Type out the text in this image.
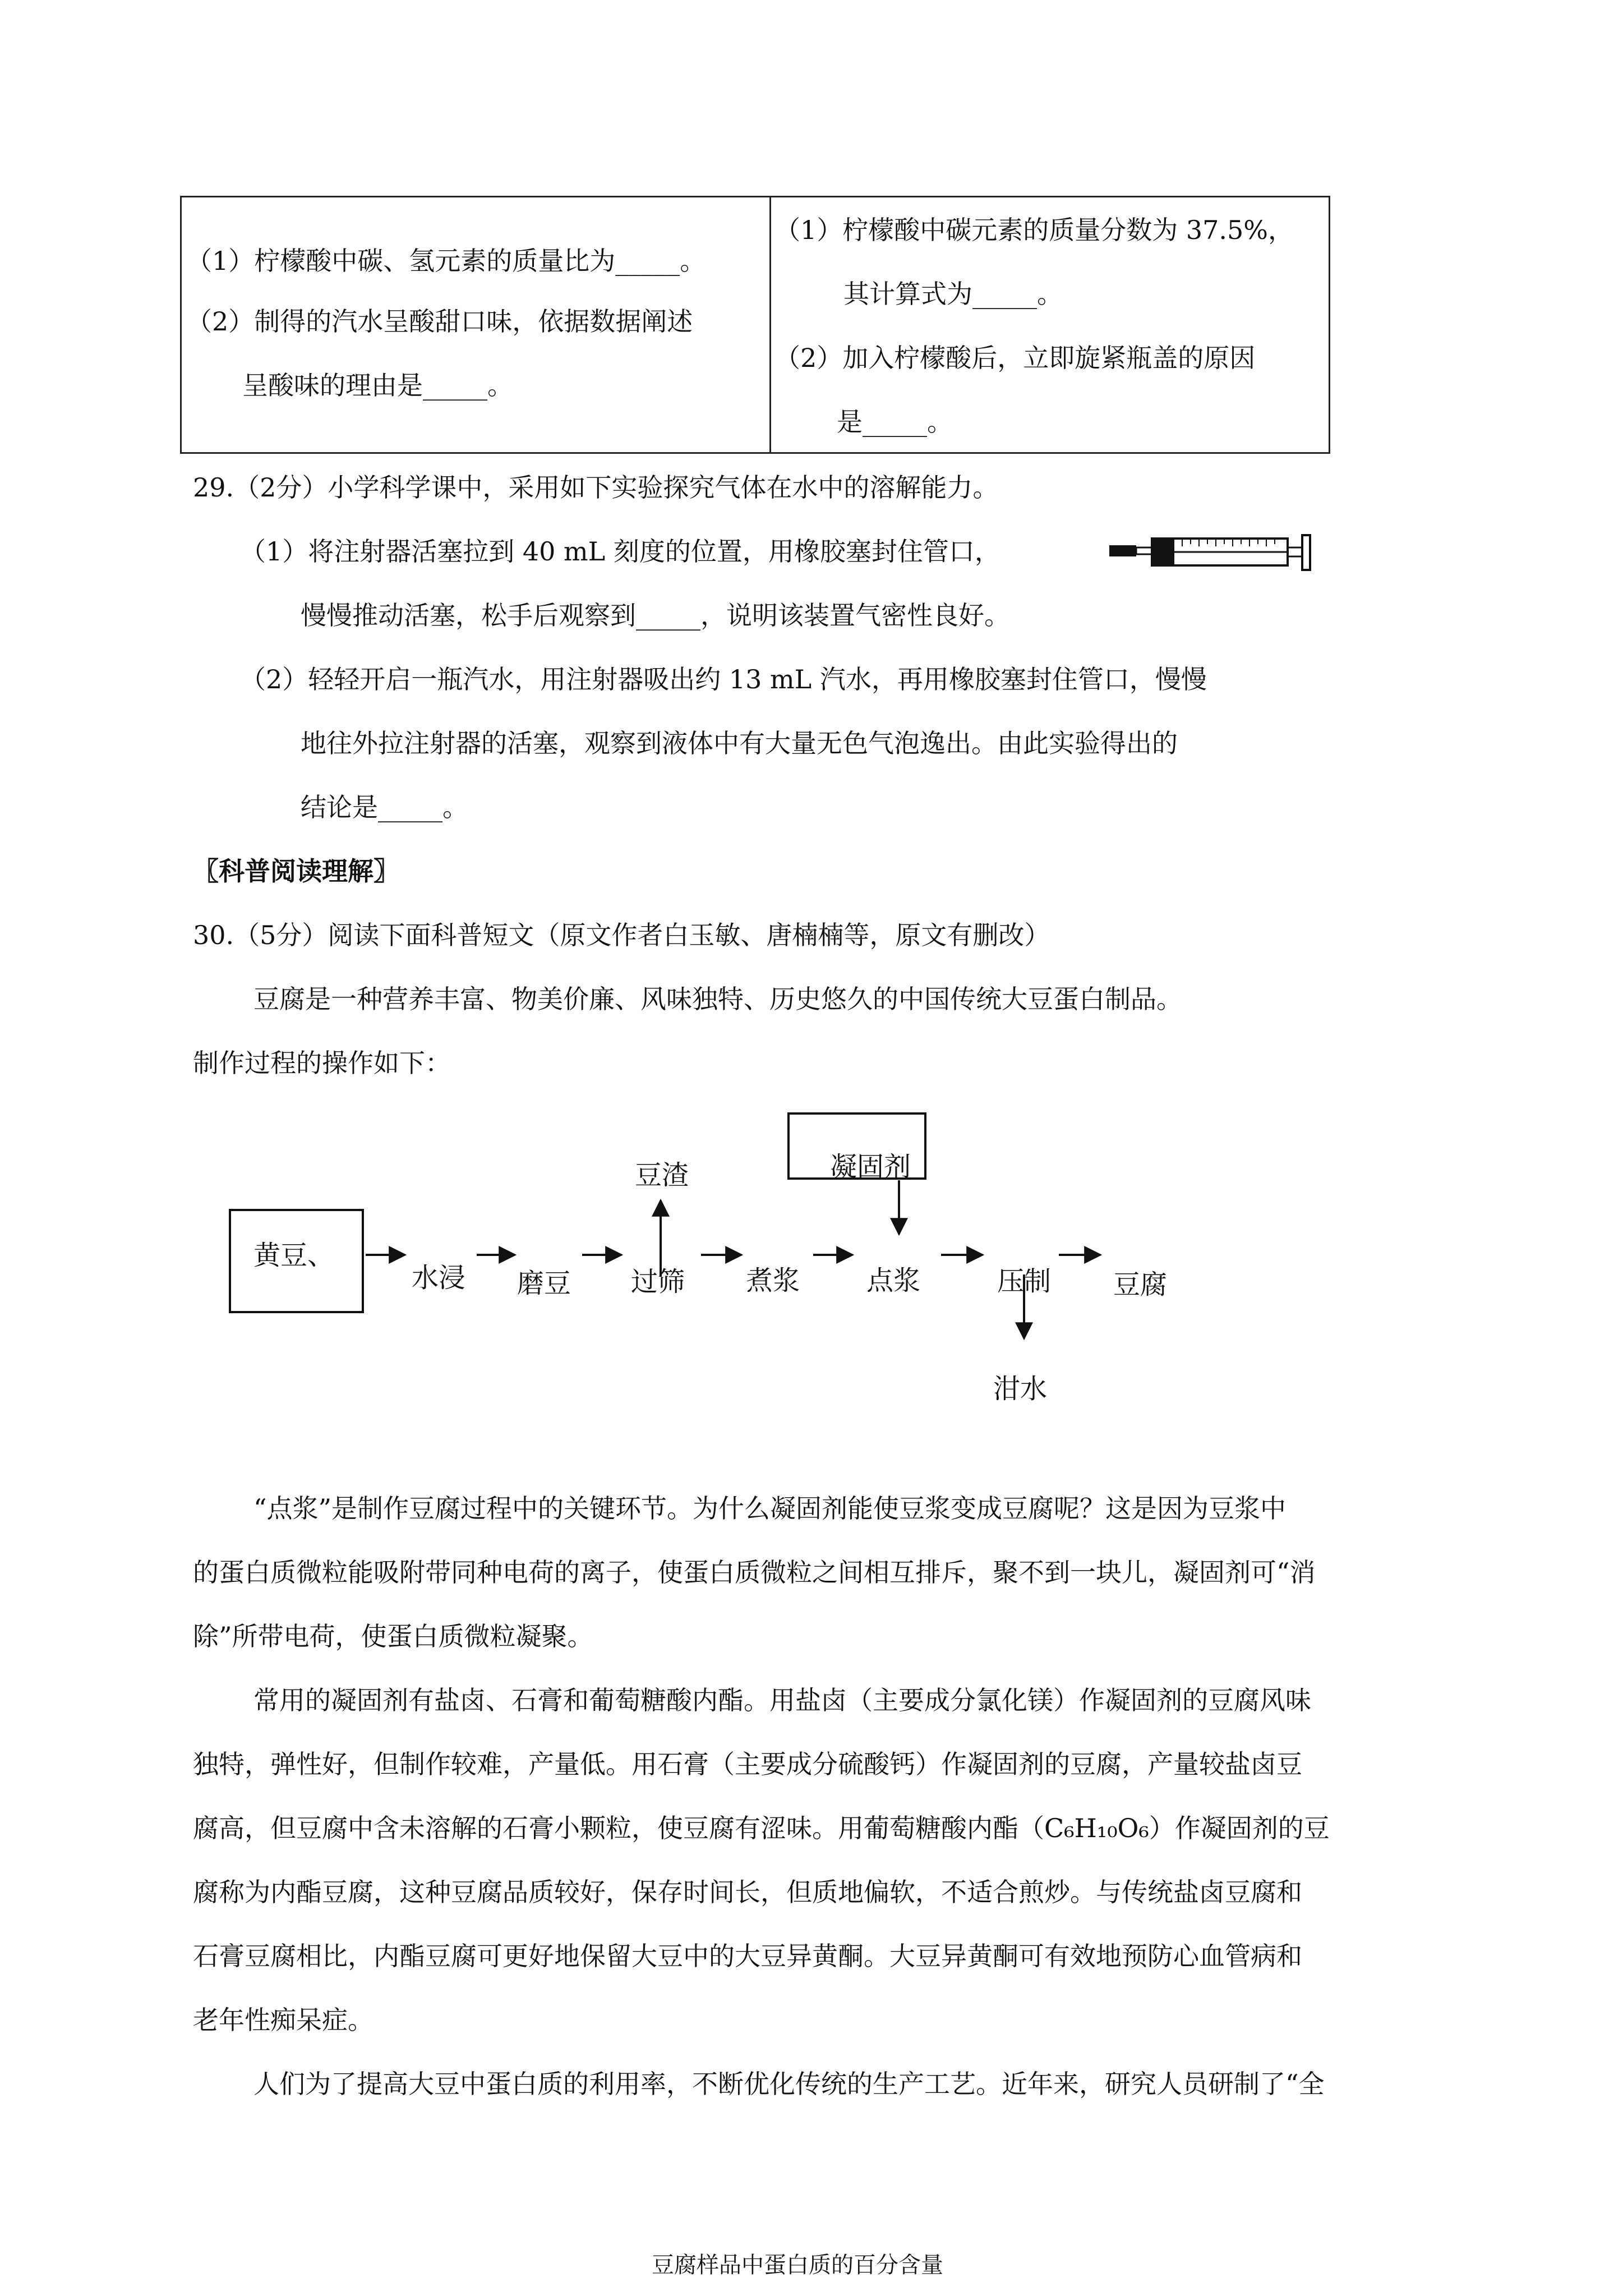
（1）柠檬酸中碳、氢元素的质量比为_____。
（2）制得的汽水呈酸甜口味，依据数据阐述
呈酸味的理由是_____。
（1）柠檬酸中碳元素的质量分数为 37.5%，
其计算式为_____。
（2）加入柠檬酸后，立即旋紧瓶盖的原因
是_____。
29.（2分）小学科学课中，采用如下实验探究气体在水中的溶解能力。
（1）将注射器活塞拉到 40 mL 刻度的位置，用橡胶塞封住管口，
慢慢推动活塞，松手后观察到_____，说明该装置气密性良好。
（2）轻轻开启一瓶汽水，用注射器吸出约 13 mL 汽水，再用橡胶塞封住管口，慢慢
地往外拉注射器的活塞，观察到液体中有大量无色气泡逸出。由此实验得出的
结论是_____。
〖科普阅读理解〗
30.（5分）阅读下面科普短文（原文作者白玉敏、唐楠楠等，原文有删改）
豆腐是一种营养丰富、物美价廉、风味独特、历史悠久的中国传统大豆蛋白制品。
制作过程的操作如下：
黄豆、
豆渣	凝固剂
水浸 磨豆 过筛 煮浆 点浆	压制 豆腐
泔水
“点浆”是制作豆腐过程中的关键环节。为什么凝固剂能使豆浆变成豆腐呢？这是因为豆浆中
的蛋白质微粒能吸附带同种电荷的离子，使蛋白质微粒之间相互排斥，聚不到一块儿，凝固剂可“消
除”所带电荷，使蛋白质微粒凝聚。
常用的凝固剂有盐卤、石膏和葡萄糖酸内酯。用盐卤（主要成分氯化镁）作凝固剂的豆腐风味
独特，弹性好，但制作较难，产量低。用石膏（主要成分硫酸钙）作凝固剂的豆腐，产量较盐卤豆
腐高，但豆腐中含未溶解的石膏小颗粒，使豆腐有涩味。用葡萄糖酸内酯（C₆H₁₀O₆）作凝固剂的豆
腐称为内酯豆腐，这种豆腐品质较好，保存时间长，但质地偏软，不适合煎炒。与传统盐卤豆腐和
石膏豆腐相比，内酯豆腐可更好地保留大豆中的大豆异黄酮。大豆异黄酮可有效地预防心血管病和
老年性痴呆症。
人们为了提高大豆中蛋白质的利用率，不断优化传统的生产工艺。近年来，研究人员研制了“全
豆腐样品中蛋白质的百分含量
